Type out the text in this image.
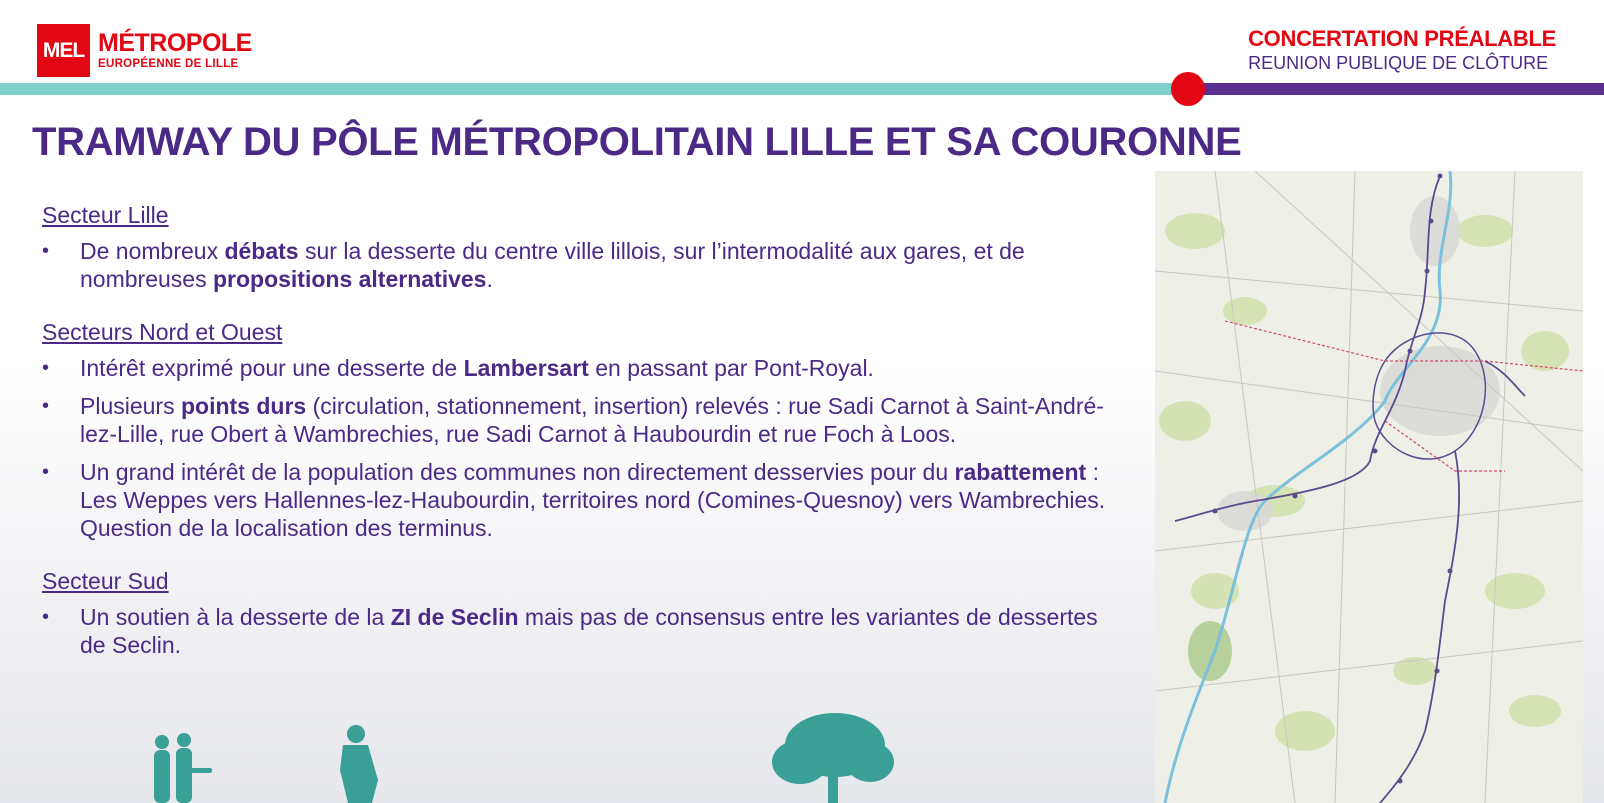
MEL MÉTROPOLE
EUROPÉENNE DE LILLE
CONCERTATION PRÉALABLE
REUNION PUBLIQUE DE CLÔTURE
TRAMWAY DU PÔLE MÉTROPOLITAIN LILLE ET SA COURONNE
Secteur Lille
• De nombreux débats sur la desserte du centre ville lillois, sur l’intermodalité aux gares, et de nombreuses propositions alternatives.
Secteurs Nord et Ouest
• Intérêt exprimé pour une desserte de Lambersart en passant par Pont-Royal.
• Plusieurs points durs (circulation, stationnement, insertion) relevés : rue Sadi Carnot à Saint-André-lez-Lille, rue Obert à Wambrechies, rue Sadi Carnot à Haubourdin et rue Foch à Loos.
• Un grand intérêt de la population des communes non directement desservies pour du rabattement : Les Weppes vers Hallennes-lez-Haubourdin, territoires nord (Comines-Quesnoy) vers Wambrechies. Question de la localisation des terminus.
Secteur Sud
• Un soutien à la desserte de la ZI de Seclin mais pas de consensus entre les variantes de dessertes de Seclin.
